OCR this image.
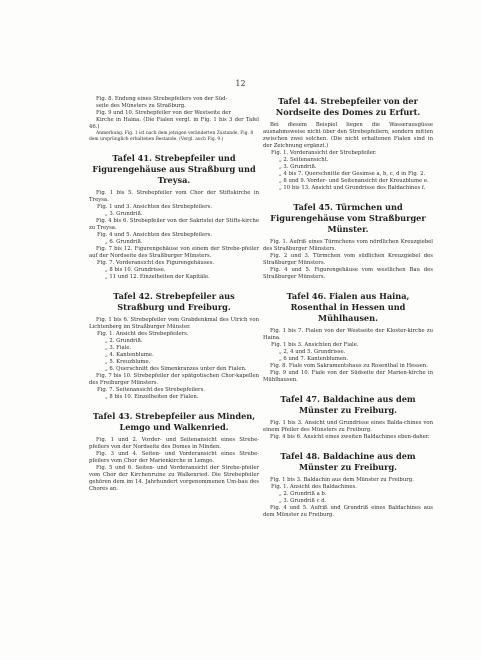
12
Fig. 8. Endung eines Strebepfeilers von der Süd-
seite des Münsters zu Straßburg.
Fig. 9 und 10. Strebepfeiler von der Westseite der
Kirche in Haina. (Die Fialen vergl. in Fig. 1 bis 3 der Tafel 46.)
Anmerkung. Fig. 1 ist nach dem jetzigen veränderten Zustande, Fig. 8 dem ursprünglich erhaltenen Bestande. (Vergl. auch Fig. 9.)
Tafel 41. Strebepfeiler und Figurengehäuse aus Straßburg und Treysa.
Fig. 1 bis 5. Strebepfeiler vom Chor der Stiftskirche in Treysa.
Fig. 1 und 3. Ansichten des Strebepfeilers.
„ 3. Grundriß.
Fig. 4 bis 6. Strebepfeiler von der Sakristei der Stifts-kirche zu Treysa.
Fig. 4 und 5. Ansichten des Strebepfeilers.
„ 6. Grundriß.
Fig. 7 bis 12. Figurengehäuse von einem der Strebe-pfeiler auf der Nordseite des Straßburger Münsters.
Fig. 7. Vorderansicht des Figurengehäuses.
„ 8 bis 10. Grundrisse.
„ 11 und 12. Einzelheiten der Kapitäle.
Tafel 42. Strebepfeiler aus Straßburg und Freiburg.
Fig. 1 bis 6. Strebepfeiler vom Grabdenkmal des Ulrich von Lichtenberg im Straßburger Münster.
Fig. 1. Ansicht des Strebepfeilers.
„ 2. Grundriß.
„ 3. Fiale.
„ 4. Kantenblume.
„ 5. Kreuzblume.
„ 6. Querschnitt des Simenkranzes unter den Fialen.
Fig. 7 bis 10. Strebepfeiler der spätgotischen Chor-kapellen des Freiburger Münsters.
Fig. 7. Seitenansicht des Strebepfeilers.
„ 8 bis 10. Einzelheiten der Fialen.
Tafel 43. Strebepfeiler aus Minden, Lemgo und Walkenried.
Fig. 1 und 2. Vorder- und Seitenansicht eines Strebe-pfeilers von der Nordseite des Domes in Minden.
Fig. 3 und 4. Seiten- und Vorderansicht eines Strebe-pfeilers vom Chor der Marienkirche in Lemgo.
Fig. 5 und 6. Seiten- und Vorderansicht der Strebe-pfeiler vom Chor der Kirchenruine zu Walkenried. Die Strebepfeiler gehören dem im 14. Jahrhundert vorgenommenen Um-bau des Chores an.
Tafel 44. Strebepfeiler von der Nordseite des Domes zu Erfurt.
Bei diesem Beispiel liegen die Wasserausgüsse ausnahmsweise nicht über den Strebepfeilern, sondern mitten zwischen zwei solchen. (Die nicht erhaltenen Fialen sind in der Zeichnung ergänzt.)
Fig. 1. Vorderansicht der Strebepfeiler.
„ 2. Seitenansicht.
„ 3. Grundriß.
„ 4 bis 7. Querschnitte der Gesimse a, b, c, d in Fig. 2.
„ 8 und 9. Vorder- und Seitenansicht der Kreuzblume e.
„ 10 bis 13. Ansicht und Grundrisse des Baldachines f.
Tafel 45. Türmchen und Figurengehäuse vom Straßburger Münster.
Fig. 1. Aufriß eines Türmchens vom nördlichen Kreuzgiebel des Straßburger Münsters.
Fig. 2 und 3. Türmchen vom südlichen Kreuzgiebel des Straßburger Münsters.
Fig. 4 und 5. Figurengehäuse vom westlichen Bau des Straßburger Münsters.
Tafel 46. Fialen aus Haina, Rosenthal in Hessen und Mühlhausen.
Fig. 1 bis 7. Fialen von der Westseite der Kloster-kirche zu Haina.
Fig. 1 bis 3. Ansichten der Fiale.
„ 2, 4 und 5. Grundrisse.
„ 6 und 7. Kantenblumen.
Fig. 8. Fiale vom Sakramentshaus zu Rosenthal in Hessen.
Fig. 9 und 10. Fiale von der Südseite der Marien-kirche in Mühlhausen.
Tafel 47. Baldachine aus dem Münster zu Freiburg.
Fig. 1 bis 3. Ansicht und Grundrisse eines Balda-chines von einem Pfeiler des Münsters zu Freiburg.
Fig. 4 bis 6. Ansicht eines zweiten Baldachines eben-daher.
Tafel 48. Baldachine aus dem Münster zu Freiburg.
Fig. 1 bis 3. Baldachin aus dem Münster zu Freiburg.
Fig. 1. Ansicht des Baldachines.
„ 2. Grundriß a b.
„ 3. Grundriß c d.
Fig. 4 und 5. Aufriß und Grundriß eines Baldachines aus dem Münster zu Freiburg.
